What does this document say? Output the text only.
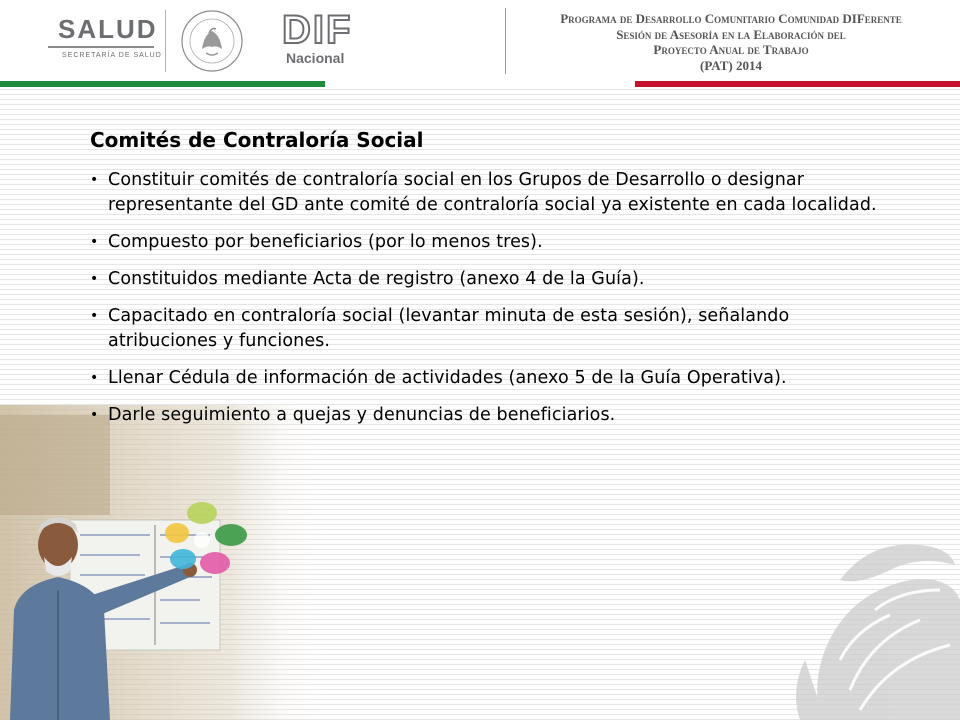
SALUD
SECRETARÍA DE SALUD
DIF
Nacional
Programa de Desarrollo Comunitario Comunidad DIFerente
Sesión de Asesoría en la Elaboración del
Proyecto Anual de Trabajo
(PAT) 2014
Comités de Contraloría Social
• Constituir comités de contraloría social en los Grupos de Desarrollo o designar representante del GD ante comité de contraloría social ya existente en cada localidad.
• Compuesto por beneficiarios (por lo menos tres).
• Constituidos mediante Acta de registro (anexo 4 de la Guía).
• Capacitado en contraloría social (levantar minuta de esta sesión), señalando atribuciones y funciones.
• Llenar Cédula de información de actividades (anexo 5 de la Guía Operativa).
• Darle seguimiento a quejas y denuncias de beneficiarios.
